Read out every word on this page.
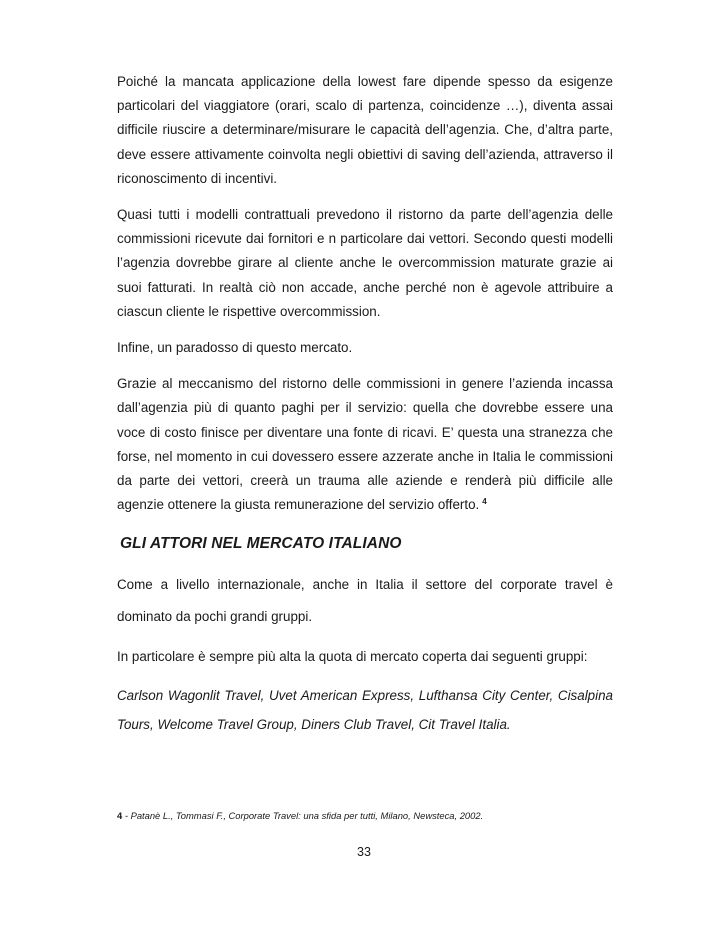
Poiché la mancata applicazione della lowest fare dipende spesso da esigenze particolari del viaggiatore (orari, scalo di partenza, coincidenze …), diventa assai difficile riuscire a determinare/misurare le capacità dell’agenzia. Che, d’altra parte, deve essere attivamente coinvolta negli obiettivi di saving dell’azienda, attraverso il riconoscimento di incentivi.

Quasi tutti i modelli contrattuali prevedono il ristorno da parte dell’agenzia delle commissioni ricevute dai fornitori e n particolare dai vettori. Secondo questi modelli l’agenzia dovrebbe girare al cliente anche le overcommission maturate grazie ai suoi fatturati. In realtà ciò non accade, anche perché non è agevole attribuire a ciascun cliente le rispettive overcommission.

Infine, un paradosso di questo mercato.

Grazie al meccanismo del ristorno delle commissioni in genere l’azienda incassa dall’agenzia più di quanto paghi per il servizio: quella che dovrebbe essere una voce di costo finisce per diventare una fonte di ricavi. E’ questa una stranezza che forse, nel momento in cui dovessero essere azzerate anche in Italia le commissioni da parte dei vettori, creerà un trauma alle aziende e renderà più difficile alle agenzie ottenere la giusta remunerazione del servizio offerto. $^4$

GLI ATTORI NEL MERCATO ITALIANO

Come a livello internazionale, anche in Italia il settore del corporate travel è dominato da pochi grandi gruppi.

In particolare è sempre più alta la quota di mercato coperta dai seguenti gruppi:

Carlson Wagonlit Travel, Uvet American Express, Lufthansa City Center, Cisalpina Tours, Welcome Travel Group, Diners Club Travel, Cit Travel Italia.

4 - Patanè L., Tommasi F., Corporate Travel: una sfida per tutti, Milano, Newsteca, 2002.
33
